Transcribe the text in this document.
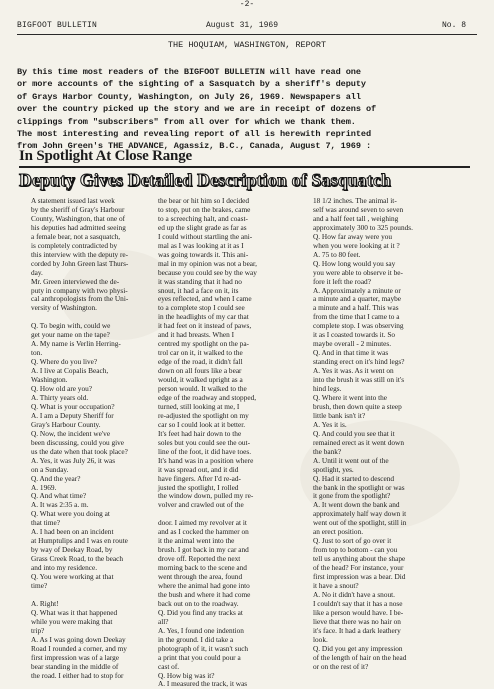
-2-
BIGFOOT BULLETIN	August 31, 1969	No. 8
THE HOQUIAM, WASHINGTON, REPORT

By this time most readers of the BIGFOOT BULLETIN will have read one

or more accounts of the sighting of a Sasquatch by a sheriff's deputy

of Grays Harbor County, Washington, on July 26, 1969. Newspapers all

over the country picked up the story and we are in receipt of dozens of

clippings from "subscribers" from all over for which we thank them.

The most interesting and revealing report of all is herewith reprinted

from John Green's THE ADVANCE, Agassiz, B.C., Canada, August 7, 1969 :

In Spotlight At Close Range
Deputy Gives Detailed Description of Sasquatch
A statement issued last week
by the sheriff of Gray's Harbour
County, Washington, that one of
his deputies had admitted seeing
a female bear, not a sasquatch,
is completely contradicted by
this interview with the deputy re-
corded by John Green last Thurs-
day.
Mr. Green interviewed the de-
puty in company with two physi-
cal anthropologists from the Uni-
versity of Washington.

Q. To begin with, could we
get your name on the tape?
A. My name is Verlin Herring-
ton.
Q. Where do you live?
A. I live at Copalis Beach,
Washington.
Q. How old are you?
A. Thirty years old.
Q. What is your occupation?
A. I am a Deputy Sheriff for
Gray's Harbour County.
Q. Now, the incident we've
been discussing, could you give
us the date when that took place?
A. Yes, it was July 26, it was
on a Sunday.
Q. And the year?
A. 1969.
Q. And what time?
A. It was 2:35 a. m.
Q. What were you doing at
that time?
A. I had been on an incident
at Humptulips and I was en route
by way of Deekay Road, by
Grass Creek Road, to the beach
and into my residence.
Q. You were working at that
time?

A. Right!
Q. What was it that happened
while you were making that
trip?
A. As I was going down Deekay
Road I rounded a corner, and my
first impression was of a large
bear standing in the middle of
the road. I either had to stop for
the bear or hit him so I decided
to stop, put on the brakes, came
to a screeching halt, and coast-
ed up the slight grade as far as
I could without startling the ani-
mal as I was looking at it as I
was going towards it. This ani-
mal in my opinion was not a bear,
because you could see by the way
it was standing that it had no
snout, it had a face on it, its
eyes reflected, and when I came
to a complete stop I could see
in the headlights of my car that
it had feet on it instead of paws,
and it had breasts. When I
centred my spotlight on the pa-
trol car on it, it walked to the
edge of the road, it didn't fall
down on all fours like a bear
would, it walked upright as a
person would. It walked to the
edge of the roadway and stopped,
turned, still looking at me, I
re-adjusted the spotlight on my
car so I could look at it better.
It's feet had hair down to the
soles but you could see the out-
line of the foot, it did have toes.
It's hand was in a position where
it was spread out, and it did
have fingers. After I'd re-ad-
justed the spotlight, I rolled
the window down, pulled my re-
volver and crawled out of the

door. I aimed my revolver at it
and as I cocked the hammer on
it the animal went into the
brush. I got back in my car and
drove off. Reported the next
morning back to the scene and
went through the area, found
where the animal had gone into
the bush and where it had come
back out on to the roadway.
Q. Did you find any tracks at
all?
A. Yes, I found one indention
in the ground. I did take a
photograph of it, it wasn't such
a print that you could pour a
cast of.
Q. How big was it?
A. I measured the track, it was
18 1/2 inches. The animal it-
self was around seven to seven
and a half feet tall , weighing
approximately 300 to 325 pounds.
Q. How far away were you
when you were looking at it ?
A. 75 to 80 feet.
Q. How long would you say
you were able to observe it be-
fore it left the road?
A. Approximately a minute or
a minute and a quarter, maybe
a minute and a half. This was
from the time that I came to a
complete stop. I was observing
it as I coasted towards it. So
maybe overall - 2 minutes.
Q. And in that time it was
standing erect on it's hind legs?
A. Yes it was. As it went on
into the brush it was still on it's
hind legs.
Q. Where it went into the
brush, then down quite a steep
little bank isn't it?
A. Yes it is.
Q. And could you see that it
remained erect as it went down
the bank?
A. Until it went out of the
spotlight, yes.
Q. Had it started to descend
the bank in the spotlight or was
it gone from the spotlight?
A. It went down the bank and
approximately half way down it
went out of the spotlight, still in
an erect position.
Q. Just to sort of go over it
from top to bottom - can you
tell us anything about the shape
of the head? For instance, your
first impression was a bear. Did
it have a snout?
A. No it didn't have a snout.
I couldn't say that it has a nose
like a person would have. I be-
lieve that there was no hair on
it's face. It had a dark leathery
look.
Q. Did you get any impression
of the length of hair on the head
or on the rest of it?
